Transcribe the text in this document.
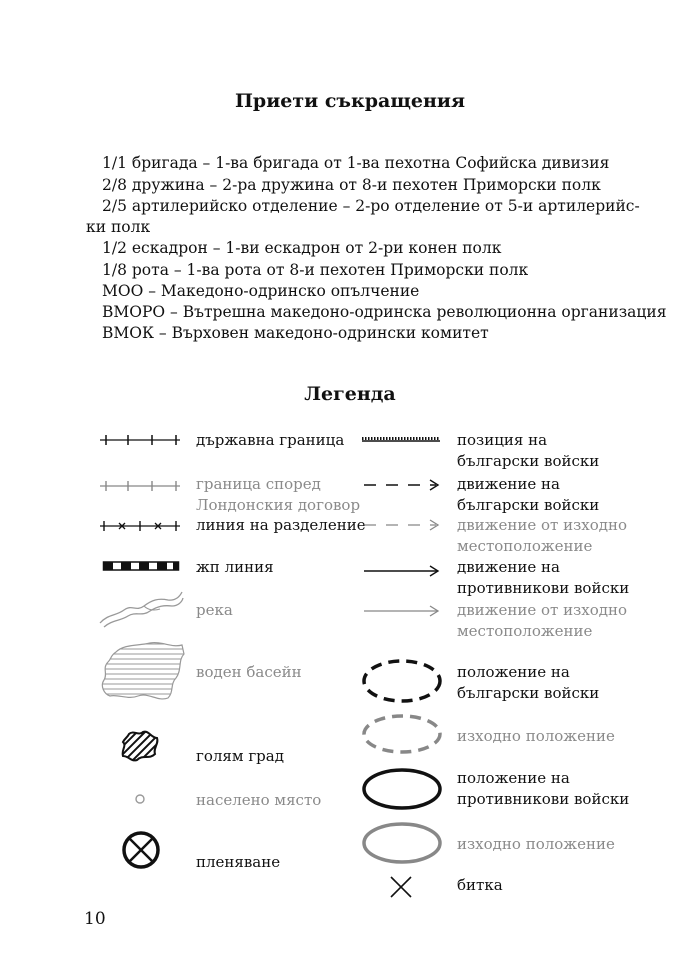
Приети съкращения
1/1 бригада – 1-ва бригада от 1-ва пехотна Софийска дивизия
2/8 дружина – 2-ра дружина от 8-и пехотен Приморски полк
2/5 артилерийско отделение – 2-ро отделение от 5-и артилерийс-
ки полк
1/2 ескадрон – 1-ви ескадрон от 2-ри конен полк
1/8 рота – 1-ва рота от 8-и пехотен Приморски полк
МОО – Македоно-одринско опълчение
ВМОРО – Вътрешна македоно-одринска революционна организация
ВМОК – Върховен македоно-одрински комитет
Легенда
държавна граница
граница според
Лондонския договор
линия на разделение
жп линия
река
воден басейн
голям град
населено място
пленяване
позиция на
български войски
движение на
български войски
движение от изходно
местоположение
движение на
противникови войски
движение от изходно
местоположение
положение на
български войски
изходно положение
положение на
противникови войски
изходно положение
битка
10
